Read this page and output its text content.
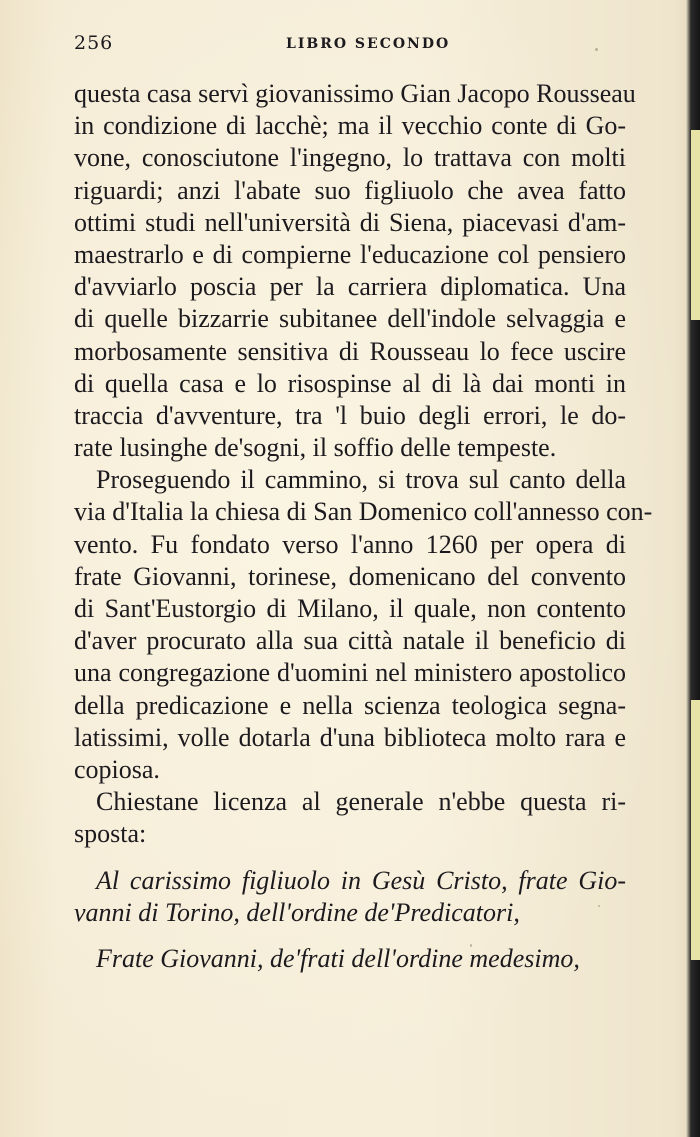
256	LIBRO SECONDO
questa casa servì giovanissimo Gian Jacopo Rousseau
in condizione di lacchè; ma il vecchio conte di Go-
vone, conosciutone l'ingegno, lo trattava con molti
riguardi; anzi l'abate suo figliuolo che avea fatto
ottimi studi nell'università di Siena, piacevasi d'am-
maestrarlo e di compierne l'educazione col pensiero
d'avviarlo poscia per la carriera diplomatica. Una
di quelle bizzarrie subitanee dell'indole selvaggia e
morbosamente sensitiva di Rousseau lo fece uscire
di quella casa e lo risospinse al di là dai monti in
traccia d'avventure, tra 'l buio degli errori, le do-
rate lusinghe de'sogni, il soffio delle tempeste.
Proseguendo il cammino, si trova sul canto della
via d'Italia la chiesa di San Domenico coll'annesso con-
vento. Fu fondato verso l'anno 1260 per opera di
frate Giovanni, torinese, domenicano del convento
di Sant'Eustorgio di Milano, il quale, non contento
d'aver procurato alla sua città natale il beneficio di
una congregazione d'uomini nel ministero apostolico
della predicazione e nella scienza teologica segna-
latissimi, volle dotarla d'una biblioteca molto rara e
copiosa.
Chiestane licenza al generale n'ebbe questa ri-
sposta:
Al carissimo figliuolo in Gesù Cristo, frate Gio-
vanni di Torino, dell'ordine de'Predicatori,
Frate Giovanni, de'frati dell'ordine medesimo,
